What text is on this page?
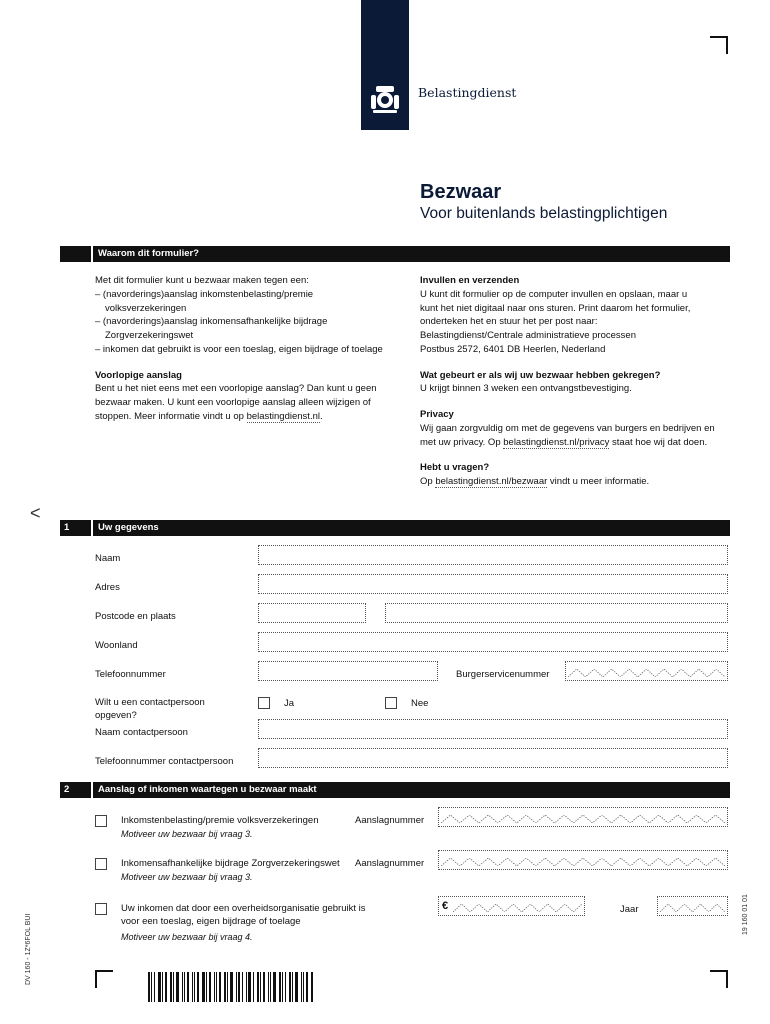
Belastingdienst
Bezwaar
Voor buitenlands belastingplichtigen
Waarom dit formulier?

Met dit formulier kunt u bezwaar maken tegen een:

– (navorderings)aanslag inkomstenbelasting/premie

volksverzekeringen

– (navorderings)aanslag inkomensafhankelijke bijdrage

Zorgverzekeringswet

– inkomen dat gebruikt is voor een toeslag, eigen bijdrage of toelage

Voorlopige aanslag

Bent u het niet eens met een voorlopige aanslag? Dan kunt u geen

bezwaar maken. U kunt een voorlopige aanslag alleen wijzigen of

stoppen. Meer informatie vindt u op belastingdienst.nl.

Invullen en verzenden

U kunt dit formulier op de computer invullen en opslaan, maar u

kunt het niet digitaal naar ons sturen. Print daarom het formulier,

onderteken het en stuur het per post naar:

Belastingdienst/Centrale administratieve processen

Postbus 2572, 6401 DB Heerlen, Nederland

Wat gebeurt er als wij uw bezwaar hebben gekregen?

U krijgt binnen 3 weken een ontvangstbevestiging.

Privacy

Wij gaan zorgvuldig om met de gegevens van burgers en bedrijven en

met uw privacy. Op belastingdienst.nl/privacy staat hoe wij dat doen.

Hebt u vragen?

Op belastingdienst.nl/bezwaar vindt u meer informatie.

<
1	Uw gegevens
Naam
Adres
Postcode en plaats
Woonland
Telefoonnummer	Burgerservicenummer
Wilt u een contactpersoon
opgeven?
Ja	Nee
Naam contactpersoon
Telefoonnummer contactpersoon
2	Aanslag of inkomen waartegen u bezwaar maakt
Inkomstenbelasting/premie volksverzekeringen
Motiveer uw bezwaar bij vraag 3.
Aanslagnummer
Inkomensafhankelijke bijdrage Zorgverzekeringswet
Motiveer uw bezwaar bij vraag 3.
Aanslagnummer
Uw inkomen dat door een overheidsorganisatie gebruikt is
voor een toeslag, eigen bijdrage of toelage
Motiveer uw bezwaar bij vraag 4.
€	Jaar
DV 160 - 1Z*6FOL BUI	19 160 01 01
